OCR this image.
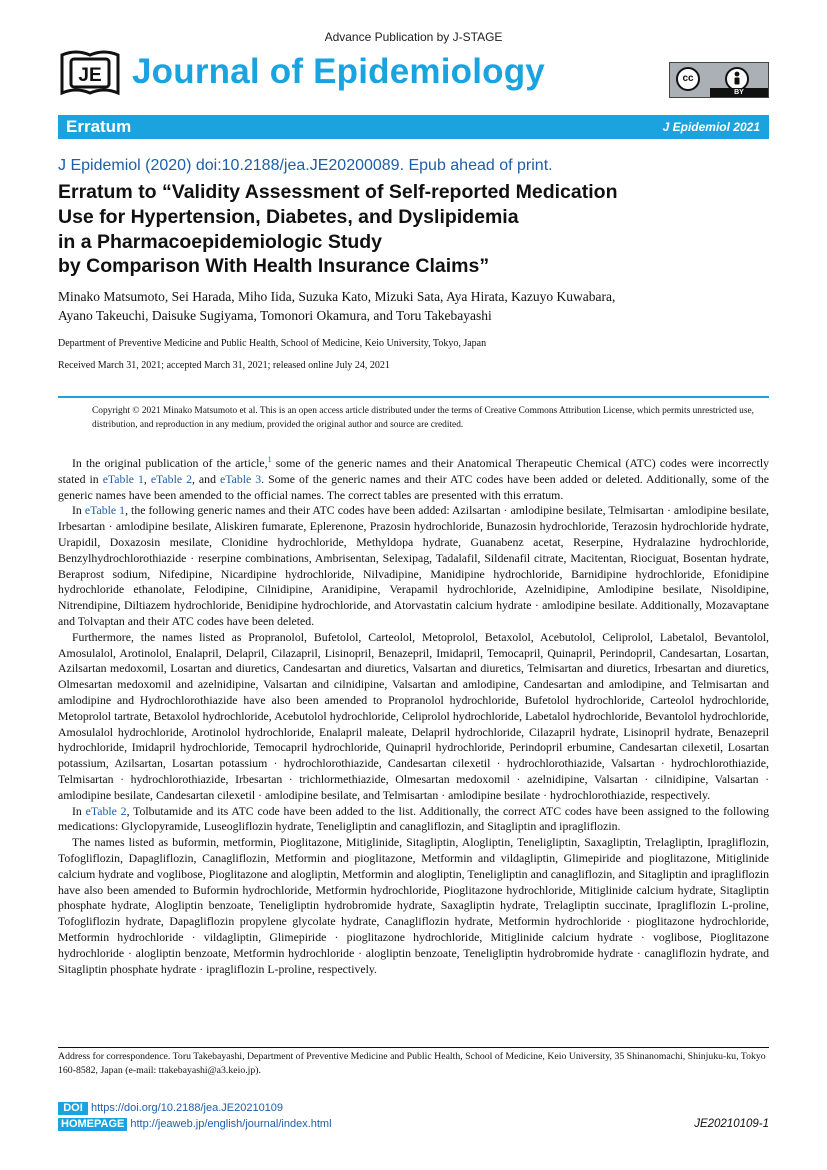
Advance Publication by J-STAGE
JE Journal of Epidemiology	cc
BY
Erratum	J Epidemiol 2021
J Epidemiol (2020) doi:10.2188/jea.JE20200089. Epub ahead of print.
Erratum to “Validity Assessment of Self-reported Medication
Use for Hypertension, Diabetes, and Dyslipidemia
in a Pharmacoepidemiologic Study
by Comparison With Health Insurance Claims”
Minako Matsumoto, Sei Harada, Miho Iida, Suzuka Kato, Mizuki Sata, Aya Hirata, Kazuyo Kuwabara,
Ayano Takeuchi, Daisuke Sugiyama, Tomonori Okamura, and Toru Takebayashi
Department of Preventive Medicine and Public Health, School of Medicine, Keio University, Tokyo, Japan
Received March 31, 2021; accepted March 31, 2021; released online July 24, 2021
Copyright © 2021 Minako Matsumoto et al. This is an open access article distributed under the terms of Creative Commons Attribution License, which permits unrestricted use, distribution, and reproduction in any medium, provided the original author and source are credited.

In the original publication of the article,$^1$ some of the generic names and their Anatomical Therapeutic Chemical (ATC) codes were incorrectly stated in eTable 1, eTable 2, and eTable 3. Some of the generic names and their ATC codes have been added or deleted. Additionally, some of the generic names have been amended to the official names. The correct tables are presented with this erratum.

In eTable 1, the following generic names and their ATC codes have been added: Azilsartan · amlodipine besilate, Telmisartan · amlodipine besilate, Irbesartan · amlodipine besilate, Aliskiren fumarate, Eplerenone, Prazosin hydrochloride, Bunazosin hydrochloride, Terazosin hydrochloride hydrate, Urapidil, Doxazosin mesilate, Clonidine hydrochloride, Methyldopa hydrate, Guanabenz acetat, Reserpine, Hydralazine hydrochloride, Benzylhydrochlorothiazide · reserpine combinations, Ambrisentan, Selexipag, Tadalafil, Sildenafil citrate, Macitentan, Riociguat, Bosentan hydrate, Beraprost sodium, Nifedipine, Nicardipine hydrochloride, Nilvadipine, Manidipine hydrochloride, Barnidipine hydrochloride, Efonidipine hydrochloride ethanolate, Felodipine, Cilnidipine, Aranidipine, Verapamil hydrochloride, Azelnidipine, Amlodipine besilate, Nisoldipine, Nitrendipine, Diltiazem hydrochloride, Benidipine hydrochloride, and Atorvastatin calcium hydrate · amlodipine besilate. Additionally, Mozavaptane and Tolvaptan and their ATC codes have been deleted.

Furthermore, the names listed as Propranolol, Bufetolol, Carteolol, Metoprolol, Betaxolol, Acebutolol, Celiprolol, Labetalol, Bevantolol, Amosulalol, Arotinolol, Enalapril, Delapril, Cilazapril, Lisinopril, Benazepril, Imidapril, Temocapril, Quinapril, Perindopril, Candesartan, Losartan, Azilsartan medoxomil, Losartan and diuretics, Candesartan and diuretics, Valsartan and diuretics, Telmisartan and diuretics, Irbesartan and diuretics, Olmesartan medoxomil and azelnidipine, Valsartan and cilnidipine, Valsartan and amlodipine, Candesartan and amlodipine, and Telmisartan and amlodipine and Hydrochlorothiazide have also been amended to Propranolol hydrochloride, Bufetolol hydrochloride, Carteolol hydrochloride, Metoprolol tartrate, Betaxolol hydrochloride, Acebutolol hydrochloride, Celiprolol hydrochloride, Labetalol hydrochloride, Bevantolol hydrochloride, Amosulalol hydrochloride, Arotinolol hydrochloride, Enalapril maleate, Delapril hydrochloride, Cilazapril hydrate, Lisinopril hydrate, Benazepril hydrochloride, Imidapril hydrochloride, Temocapril hydrochloride, Quinapril hydrochloride, Perindopril erbumine, Candesartan cilexetil, Losartan potassium, Azilsartan, Losartan potassium · hydrochlorothiazide, Candesartan cilexetil · hydrochlorothiazide, Valsartan · hydrochlorothiazide, Telmisartan · hydrochlorothiazide, Irbesartan · trichlormethiazide, Olmesartan medoxomil · azelnidipine, Valsartan · cilnidipine, Valsartan · amlodipine besilate, Candesartan cilexetil · amlodipine besilate, and Telmisartan · amlodipine besilate · hydrochlorothiazide, respectively.

In eTable 2, Tolbutamide and its ATC code have been added to the list. Additionally, the correct ATC codes have been assigned to the following medications: Glyclopyramide, Luseogliflozin hydrate, Teneligliptin and canagliflozin, and Sitagliptin and ipragliflozin.

The names listed as buformin, metformin, Pioglitazone, Mitiglinide, Sitagliptin, Alogliptin, Teneligliptin, Saxagliptin, Trelagliptin, Ipragliflozin, Tofogliflozin, Dapagliflozin, Canagliflozin, Metformin and pioglitazone, Metformin and vildagliptin, Glimepiride and pioglitazone, Mitiglinide calcium hydrate and voglibose, Pioglitazone and alogliptin, Metformin and alogliptin, Teneligliptin and canagliflozin, and Sitagliptin and ipragliflozin have also been amended to Buformin hydrochloride, Metformin hydrochloride, Pioglitazone hydrochloride, Mitiglinide calcium hydrate, Sitagliptin phosphate hydrate, Alogliptin benzoate, Teneligliptin hydrobromide hydrate, Saxagliptin hydrate, Trelagliptin succinate, Ipragliflozin L-proline, Tofogliflozin hydrate, Dapagliflozin propylene glycolate hydrate, Canagliflozin hydrate, Metformin hydrochloride · pioglitazone hydrochloride, Metformin hydrochloride · vildagliptin, Glimepiride · pioglitazone hydrochloride, Mitiglinide calcium hydrate · voglibose, Pioglitazone hydrochloride · alogliptin benzoate, Metformin hydrochloride · alogliptin benzoate, Teneligliptin hydrobromide hydrate · canagliflozin hydrate, and Sitagliptin phosphate hydrate · ipragliflozin L-proline, respectively.

Address for correspondence. Toru Takebayashi, Department of Preventive Medicine and Public Health, School of Medicine, Keio University, 35 Shinanomachi, Shinjuku-ku, Tokyo 160-8582, Japan (e-mail: ttakebayashi@a3.keio.jp).
DOI https://doi.org/10.2188/jea.JE20210109
HOMEPAGE http://jeaweb.jp/english/journal/index.html	JE20210109-1
